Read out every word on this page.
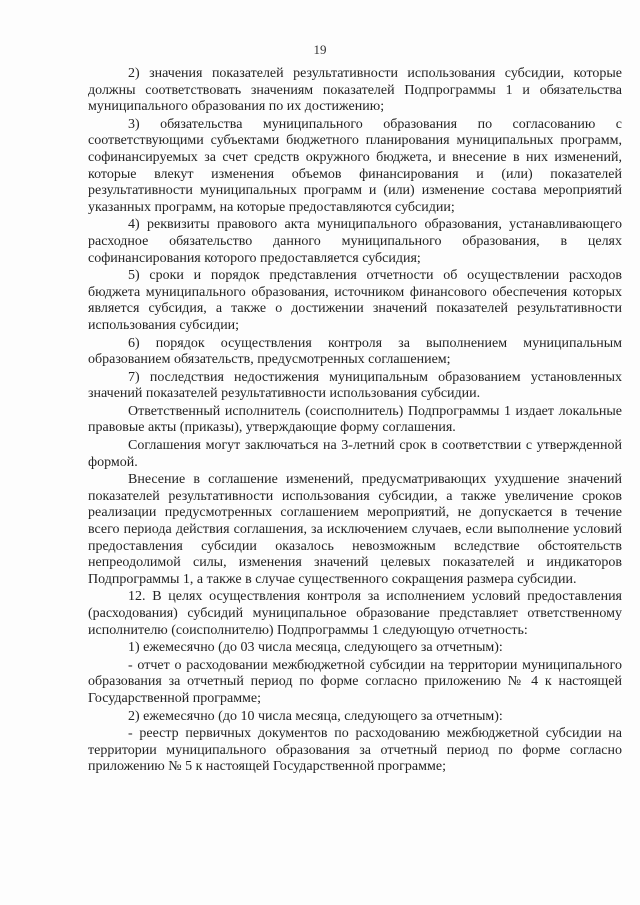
19

2) значения показателей результативности использования субсидии, которые должны соответствовать значениям показателей Подпрограммы 1 и обязательства муниципального образования по их достижению;

3) обязательства муниципального образования по согласованию с соответствующими субъектами бюджетного планирования муниципальных программ, софинансируемых за счет средств окружного бюджета, и внесение в них изменений, которые влекут изменения объемов финансирования и (или) показателей результативности муниципальных программ и (или) изменение состава мероприятий указанных программ, на которые предоставляются субсидии;

4) реквизиты правового акта муниципального образования, устанавливающего расходное обязательство данного муниципального образования, в целях софинансирования которого предоставляется субсидия;

5) сроки и порядок представления отчетности об осуществлении расходов бюджета муниципального образования, источником финансового обеспечения которых является субсидия, а также о достижении значений показателей результативности использования субсидии;

6) порядок осуществления контроля за выполнением муниципальным образованием обязательств, предусмотренных соглашением;

7) последствия недостижения муниципальным образованием установленных значений показателей результативности использования субсидии.

Ответственный исполнитель (соисполнитель) Подпрограммы 1 издает локальные правовые акты (приказы), утверждающие форму соглашения.

Соглашения могут заключаться на 3-летний срок в соответствии с утвержденной формой.

Внесение в соглашение изменений, предусматривающих ухудшение значений показателей результативности использования субсидии, а также увеличение сроков реализации предусмотренных соглашением мероприятий, не допускается в течение всего периода действия соглашения, за исключением случаев, если выполнение условий предоставления субсидии оказалось невозможным вследствие обстоятельств непреодолимой силы, изменения значений целевых показателей и индикаторов Подпрограммы 1, а также в случае существенного сокращения размера субсидии.

12. В целях осуществления контроля за исполнением условий предоставления (расходования) субсидий муниципальное образование представляет ответственному исполнителю (соисполнителю) Подпрограммы 1 следующую отчетность:

1) ежемесячно (до 03 числа месяца, следующего за отчетным):

- отчет о расходовании межбюджетной субсидии на территории муниципального образования за отчетный период по форме согласно приложению № 4 к настоящей Государственной программе;

2) ежемесячно (до 10 числа месяца, следующего за отчетным):

- реестр первичных документов по расходованию межбюджетной субсидии на территории муниципального образования за отчетный период по форме согласно приложению № 5 к настоящей Государственной программе;
